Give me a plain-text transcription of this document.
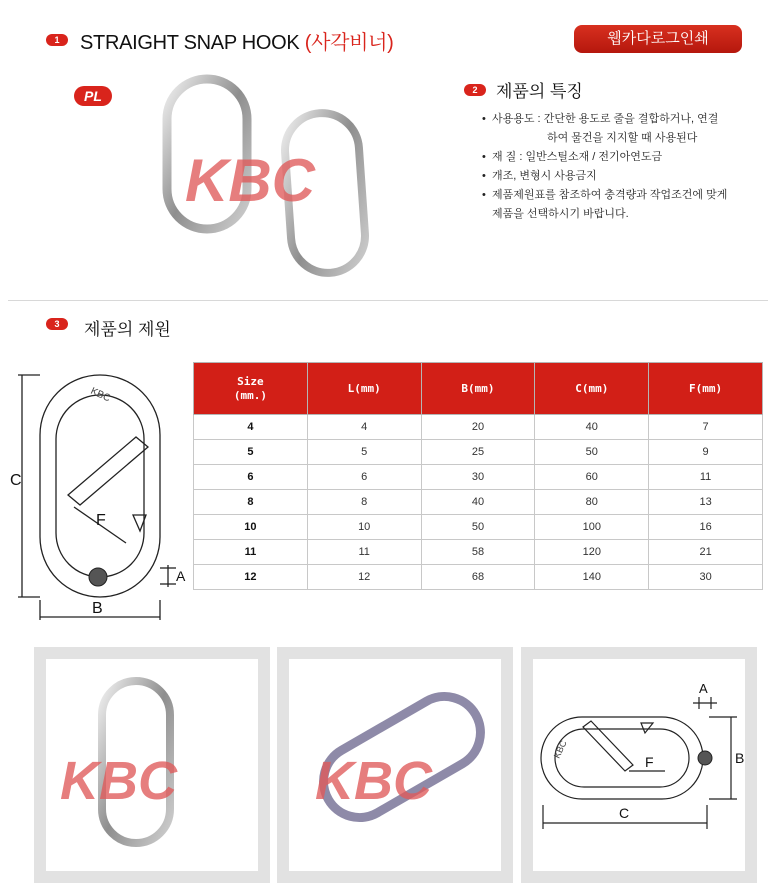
1	STRAIGHT SNAP HOOK (사각비너)	웹카다로그인쇄
PL
KBC
2	제품의 특징
• 사용용도 : 간단한 용도로 줄을 결합하거나, 연결
하여 물건을 지지할 때 사용된다
• 재 질 : 일반스틸소재 / 전기아연도금
• 개조, 변형시 사용금지
• 제품제원표를 참조하여 충격량과 작업조건에 맞게
제품을 선택하시기 바랍니다.
3	제품의 제원
KBC
C
A
B
F
Size
(mm.)	L(mm)	B(mm)	C(mm)	F(mm)
4	4	20	40	7
5	5	25	50	9
6	6	30	60	11
8	8	40	80	13
10	10	50	100	16
11	11	58	120	21
12	12	68	140	30
KBC	KBC
KBC
C
B
A
F
